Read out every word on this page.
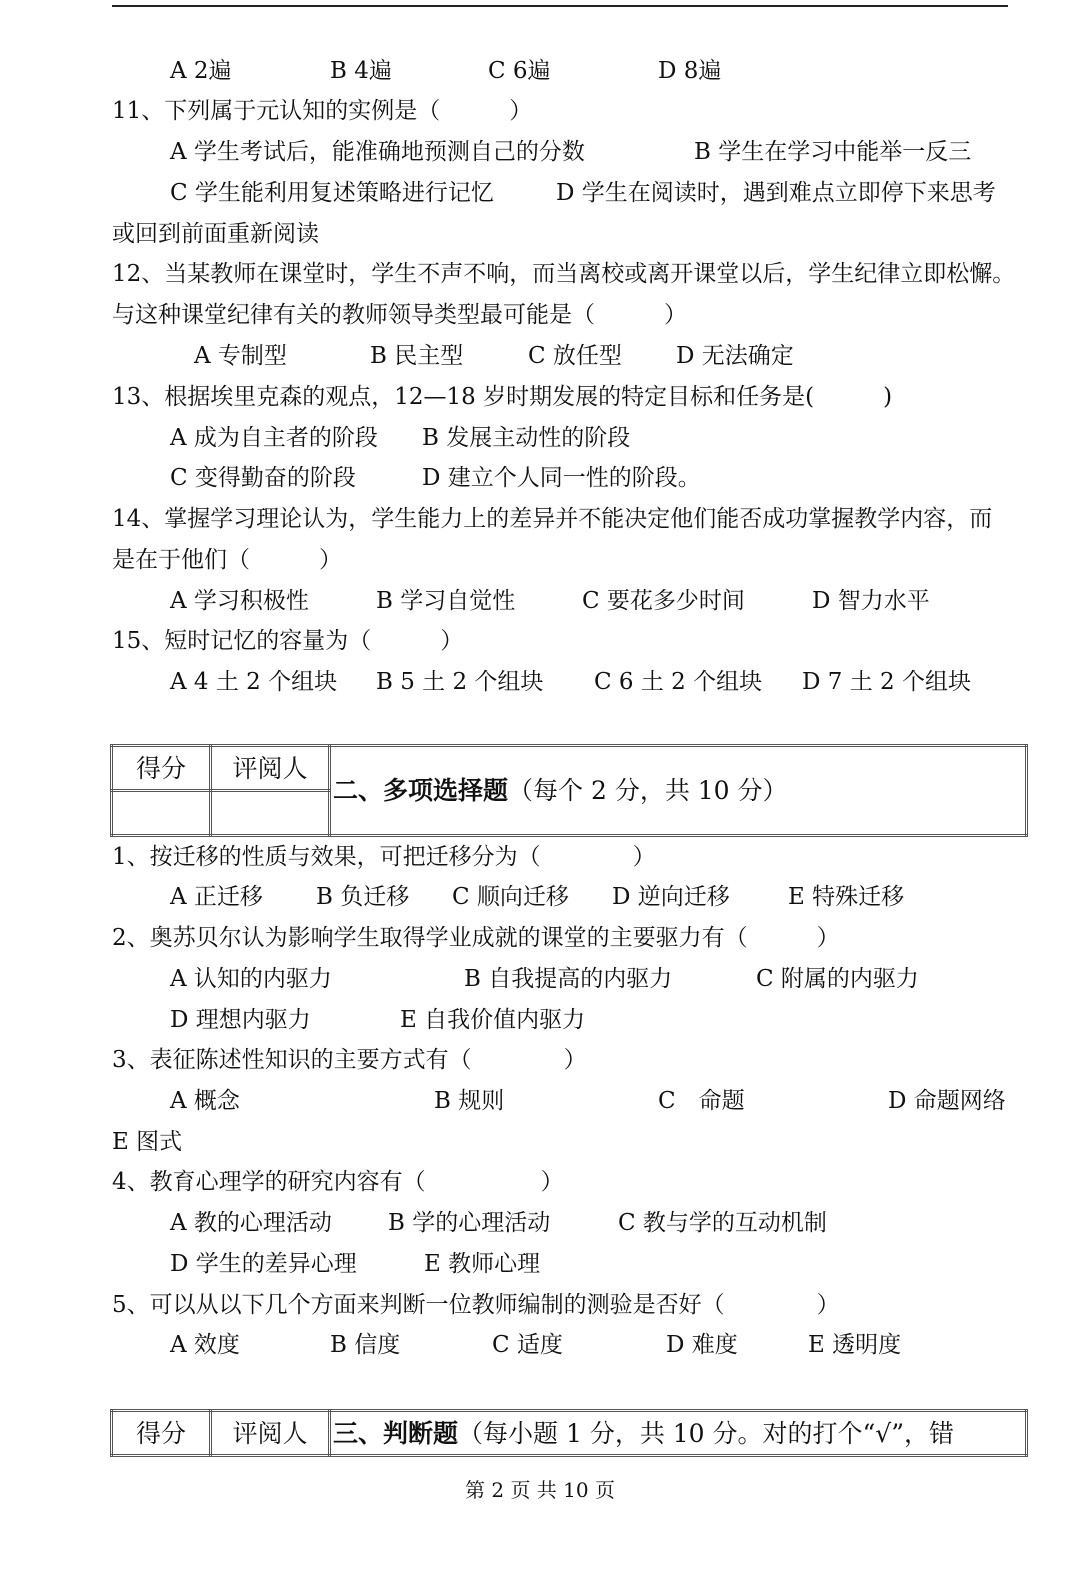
A 2遍	B 4遍	C 6遍	D 8遍
11、下列属于元认知的实例是（　　　）
A 学生考试后，能准确地预测自己的分数	B 学生在学习中能举一反三
C 学生能利用复述策略进行记忆	D 学生在阅读时，遇到难点立即停下来思考
或回到前面重新阅读
12、当某教师在课堂时，学生不声不响，而当离校或离开课堂以后，学生纪律立即松懈。
与这种课堂纪律有关的教师领导类型最可能是（　　　）
A 专制型	B 民主型	C 放任型 D 无法确定
13、根据埃里克森的观点，12—18 岁时期发展的特定目标和任务是(　　　)
A 成为自主者的阶段 B 发展主动性的阶段
C 变得勤奋的阶段	D 建立个人同一性的阶段。
14、掌握学习理论认为，学生能力上的差异并不能决定他们能否成功掌握教学内容，而
是在于他们（　　　）
A 学习积极性	B 学习自觉性	C 要花多少时间	D 智力水平
15、短时记忆的容量为（　　　）
A 4 土 2 个组块 B 5 土 2 个组块 C 6 土 2 个组块 D 7 土 2 个组块
得分	评阅人	二、多项选择题（每个 2 分，共 10 分）

1、按迁移的性质与效果，可把迁移分为（　　　　）
A 正迁移 B 负迁移 C 顺向迁移 D 逆向迁移	E 特殊迁移
2、奥苏贝尔认为影响学生取得学业成就的课堂的主要驱力有（　　　）
A 认知的内驱力	B 自我提高的内驱力	C 附属的内驱力
D 理想内驱力	E 自我价值内驱力
3、表征陈述性知识的主要方式有（　　　　）
A 概念	B 规则	C　命题	D 命题网络
E 图式
4、教育心理学的研究内容有（　　　　　）
A 教的心理活动 B 学的心理活动	C 教与学的互动机制
D 学生的差异心理	E 教师心理
5、可以从以下几个方面来判断一位教师编制的测验是否好（　　　　）
A 效度	B 信度	C 适度	D 难度	E 透明度
得分	评阅人	三、判断题（每小题 1 分，共 10 分。对的打个“√”，错
第 2 页 共 10 页
